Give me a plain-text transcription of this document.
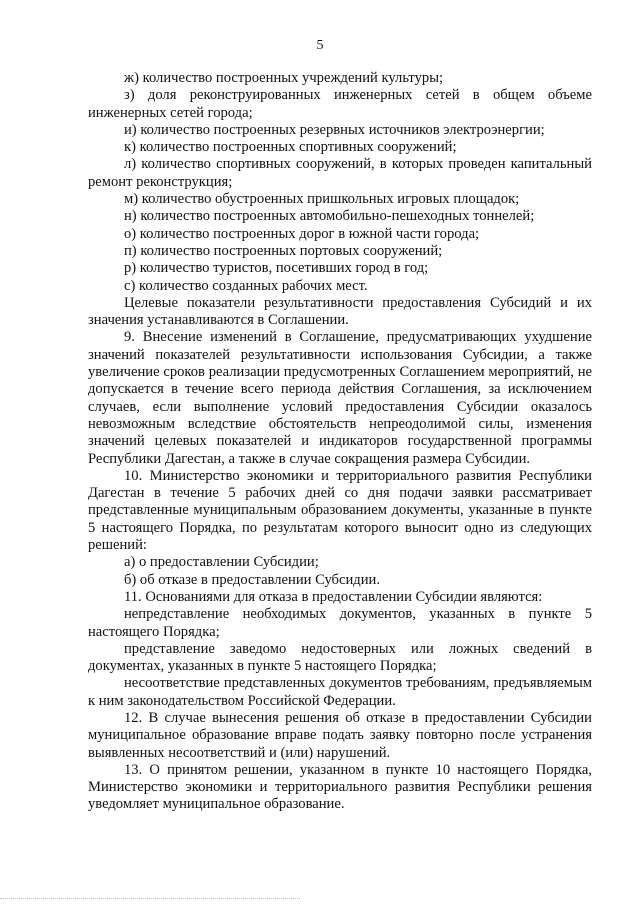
5

ж) количество построенных учреждений культуры;

з) доля реконструированных инженерных сетей в общем объеме инженерных сетей города;

и) количество построенных резервных источников электроэнергии;

к) количество построенных спортивных сооружений;

л) количество спортивных сооружений, в которых проведен капитальный ремонт реконструкция;

м) количество обустроенных пришкольных игровых площадок;

н) количество построенных автомобильно-пешеходных тоннелей;

о) количество построенных дорог в южной части города;

п) количество построенных портовых сооружений;

р) количество туристов, посетивших город в год;

с) количество созданных рабочих мест.

Целевые показатели результативности предоставления Субсидий и их значения устанавливаются в Соглашении.

9. Внесение изменений в Соглашение, предусматривающих ухудшение значений показателей результативности использования Субсидии, а также увеличение сроков реализации предусмотренных Соглашением мероприятий, не допускается в течение всего периода действия Соглашения, за исключением случаев, если выполнение условий предоставления Субсидии оказалось невозможным вследствие обстоятельств непреодолимой силы, изменения значений целевых показателей и индикаторов государственной программы Республики Дагестан, а также в случае сокращения размера Субсидии.

10. Министерство экономики и территориального развития Республики Дагестан в течение 5 рабочих дней со дня подачи заявки рассматривает представленные муниципальным образованием документы, указанные в пункте 5 настоящего Порядка, по результатам которого выносит одно из следующих решений:

а) о предоставлении Субсидии;

б) об отказе в предоставлении Субсидии.

11. Основаниями для отказа в предоставлении Субсидии являются:

непредставление необходимых документов, указанных в пункте 5 настоящего Порядка;

представление заведомо недостоверных или ложных сведений в документах, указанных в пункте 5 настоящего Порядка;

несоответствие представленных документов требованиям, предъявляемым к ним законодательством Российской Федерации.

12. В случае вынесения решения об отказе в предоставлении Субсидии муниципальное образование вправе подать заявку повторно после устранения выявленных несоответствий и (или) нарушений.

13. О принятом решении, указанном в пункте 10 настоящего Порядка, Министерство экономики и территориального развития Республики решения уведомляет муниципальное образование.
